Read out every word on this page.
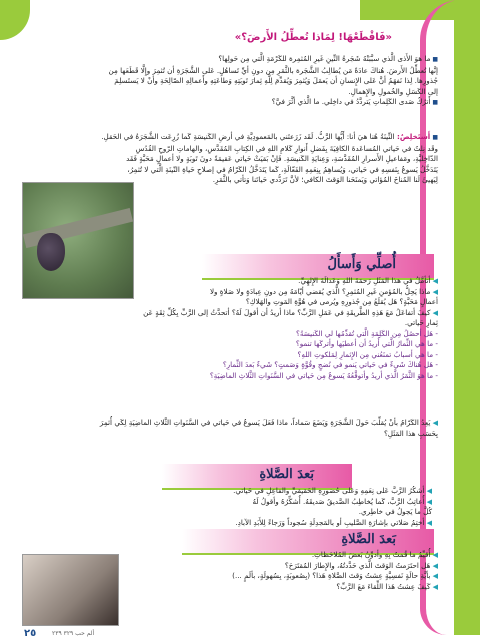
«فَاقْطَعْهَا! لِمَاذا تُعطِّلُ الأَرضَ؟»

■ ما هوَ الأَذى الَّذي سبَّبَتْهُ شَجَرةُ التِّينِ غَيرِ المُثمِرة للكَرْمَةِ الَّتي مِن حَولِها؟

إنَّها تُعطِّلُ الأَرضَ. هُناكَ عادَةً مَن يُطالِبُ الشَّجَرة بالثَّمَرِ مِن دونِ أيِّ تَساهُلٍ. عَلى الشَّجَرَةِ أن تُثمِرَ وإِلَّا قَطَعَها مِن

جُذورِها. لِذا نَفهَمُ أنَّ عَلى الإِنسانِ أن يَعمَلَ وَيُثمِرَ وَيُقدِّمَ لِلَّهِ ثِمارَ تَوبَتِهِ وَطاعَتِهِ وأَعمالِهِ الصّالِحَةِ وأنْ لا يَستَسلِمَ

إلى الكَسَلِ والخُمولِ والإِهمالِ.

■ أَترُكُ صَدى الكَلِماتِ يَتردَّدُ في داخِلي. ما الَّذي أثَّرَ فيَّ؟

■ أَستَخلِصُ: التِّينَةُ هُنا هيَ أنا: أَيُّها الرَّبُّ. لَقَد زَرَعتَني بالمَعمودِيَّةِ في أرضِ الكَنيسَةِ كَما زُرِعَت الشَّجَرَةُ في الحَقلِ.

وقَد نِلتُ في حَياتي المُساعَدةَ الكافِيَةَ بِفَضلِ أَنوارِ كَلامِ اللهِ في الكِتابِ المُقَدَّسِ، والهاماتِ الرّوحِ القُدُسِ

الدّاخِليَّةِ، ومَفاعيلِ الأَسرارِ المُقَدَّسَةِ، وَعِنايَةِ الكَنيسَةِ. فَإنْ بَقيَتْ حَياتي عَقيمَةً دونَ تَوبَةٍ ولا أعمالٍ مَحَبَّةٍ فَقَد

يَتَدَخَّلُ يَسوعُ بِنَفسِهِ في حَياتي، وَيُساهِمُ بِنِعَمِهِ الفَعّالَةِ، كَما يَتَدَخَّلُ الكَرّامُ في إصلاحِ حَياةِ التّينَةِ الَّتي لا تُثمِرُ،

لِيَهيئَ لَنا المُناخَ المُؤاتي وَيَمنَحَنا الوَقتَ الكافي؛ لأنَّ تَرَدُّدي حَياتَنا وَتأتي بالثَّمَرِ.

أُصلِّي وَأَسأَلُ

◀ أتأمَّلُ في هذا المَثَلِ رَحمَةَ اللهِ وَعَدالَةَ الإِلهِيِّ.

◀ ماذا يَحِلُّ بالمُؤمنِ غَيرِ المُثمِرِ؟ الَّذي يُقضي أيّامَهُ مِن دونِ عِبادَةٍ ولا صَلاةٍ ولا

أعمالٍ مَحَبَّةٍ؟ هَل يُقلَعُ مِن جُذورِهِ ويُرمى في هُوَّةِ المَوتِ والهَلاكِ؟

◀ كيفَ أتفاعَلُ مَعَ هَذِهِ الطَّريقَةِ في عَمَلِ الرَّبِّ؟ ماذا أريدُ أن أقولَ لَهُ؟ أتحدَّثُ إلى الرَّبِّ بِكُلِّ ثِقَةٍ عَن ثِمارِ حَياتي.

- هَل أحصُلُ مِن الكَلِمَةِ الَّتي تُقدِّمُها لي الكَنيسَةُ؟

- ما هي الثِّمارُ الَّتي أُريدُ أن أعطيَها وأتركَها تنمو؟

- ما هي أسبابُ تمنَعُني مِن الإِثمارِ لِمَلكوتِ اللهِ؟

- هَل هُناكَ شَيءٌ في حَياتي يَنمو في نُضجٍ وقُوَّةٍ وَصَمتٍ؟ شَيءٌ بَعدَ الثِّمارِ؟

- ما هوَ الثَّمَرُ الَّذي أريدُ وأتوقَّعُهُ يَسوعُ مِن حَياتي في السَّنَواتِ الثَّلاثِ الماضِيَةِ؟

◀ يَعِدُ الكَرّامُ بأنْ يُقلِّبَ حَولَ الشَّجَرَةِ وَيَضَعَ سَماداً، ماذا فَعَلَ يَسوعُ في حَياتي في السَّنَواتِ الثَّلاثِ الماضِيَةِ لِكَي أُثمِرَ

بِحَسَبِ هذا المَثَلِ؟

بَعدَ الصَّلاةِ

◀ أشكُرُ الرَّبَّ عَلى نِعَمِهِ وَعَلى حُضورِهِ الحَقيقيِّ والفاعِلِ في حَياتي.

◀ أُعاتِبُ الرَّبَّ، كَما يُخاطِبُ الصَّديقُ صَديقَهُ. أُشكِّرُهُ وأقولُ لَهُ

كُلَّ ما يَجولُ في خاطِري.

◀ أختِمُ صَلاتي بإشارَةِ الصَّليبِ أو بالمَجدِلَةِ سُجوداً وَرَجاءً لِلأَبَدِ الآبادِ.

بَعدَ الصَّلاةِ

◀ أُقيِّمُ ما قُمتُ بِهِ وأدوِّنُ بَعضَ المُلاحَظاتِ.

◀ هَل احتَرَمتُ الوَقتَ الَّذي حَدَّدتُهُ، والإِطارَ المُقتَرَحَ؟

◀ بأيَّةِ حالَةٍ نَفسِيَّةٍ عِشتُ وَقتَ الصَّلاةِ هَذا؟ (بِصُعوبَةٍ، بِسُهولَةٍ، بألَمٍ ...)

◀ كَيفَ عِشتُ هَذا اللِّقاءَ مَعَ الرَّبِّ؟

٢٥	ألم حب ٣٢٩ ٢٣٩
